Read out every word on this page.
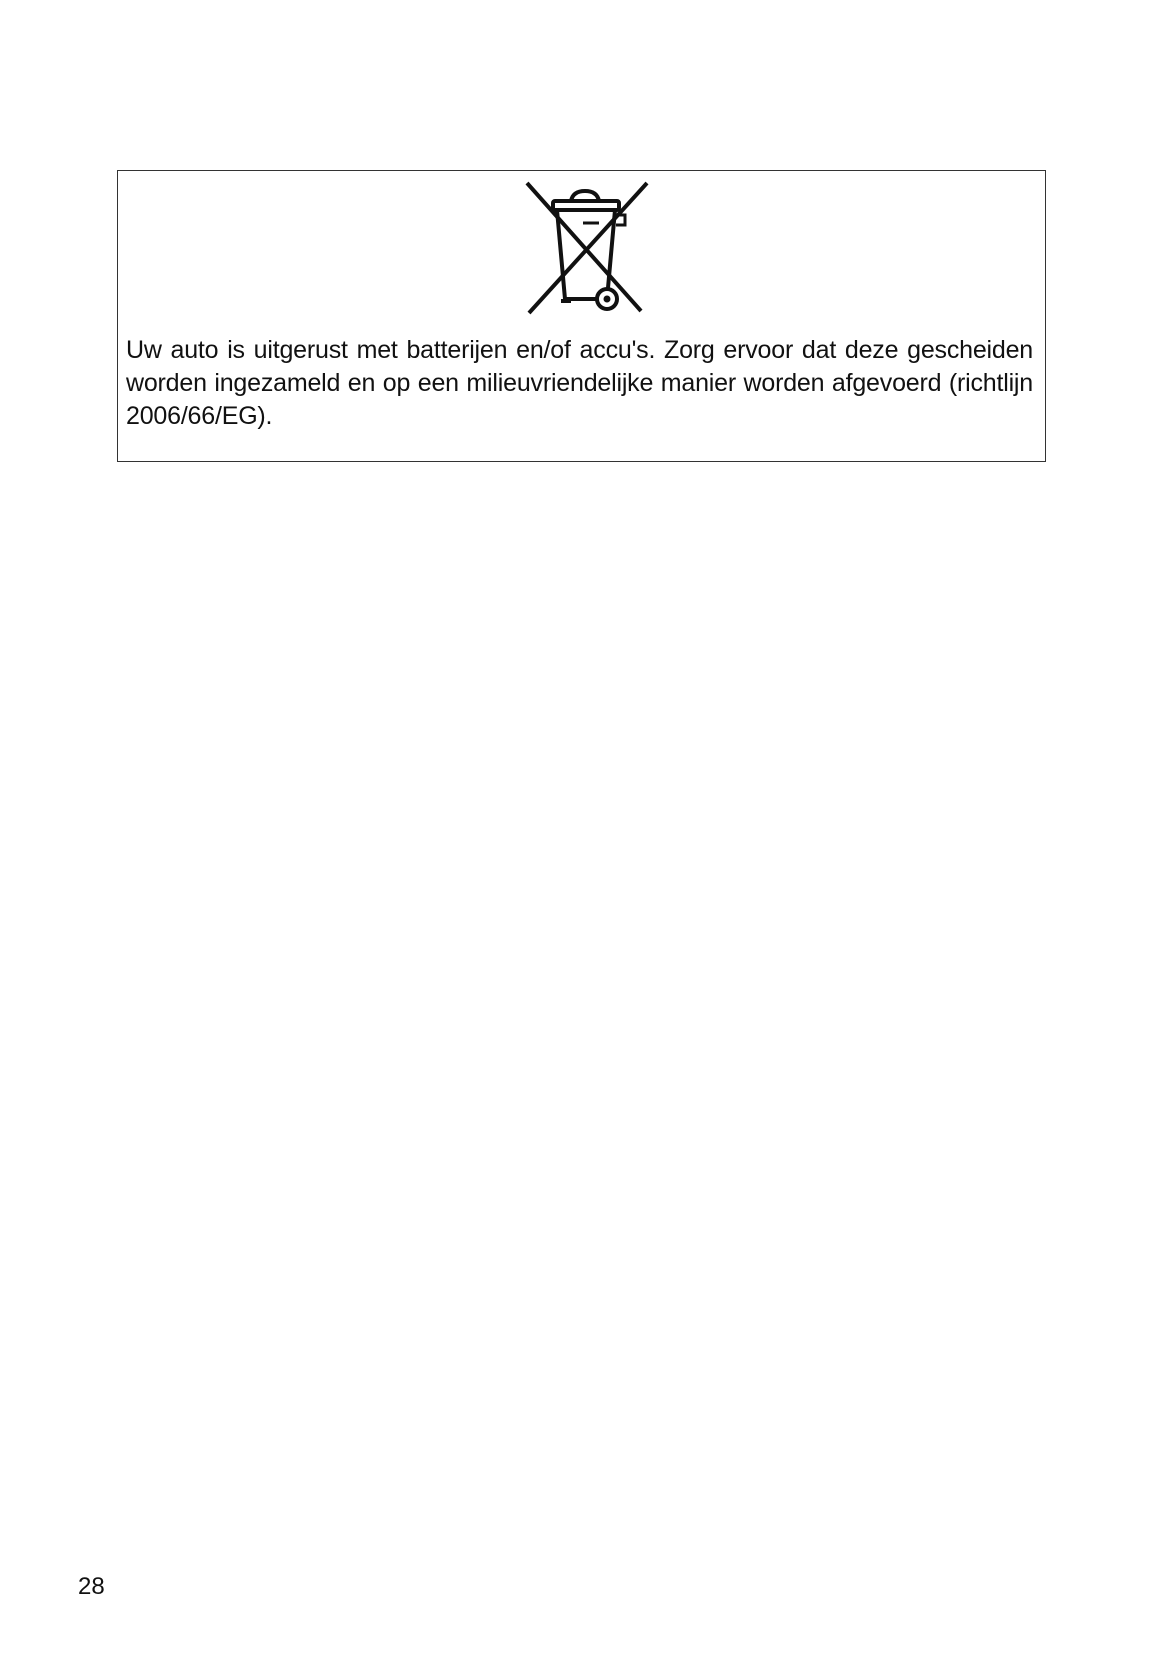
Uw auto is uitgerust met batterijen en/of accu's. Zorg ervoor dat deze gescheiden worden ingezameld en op een milieuvriendelijke manier worden afgevoerd (richtlijn 2006/66/EG).

28
